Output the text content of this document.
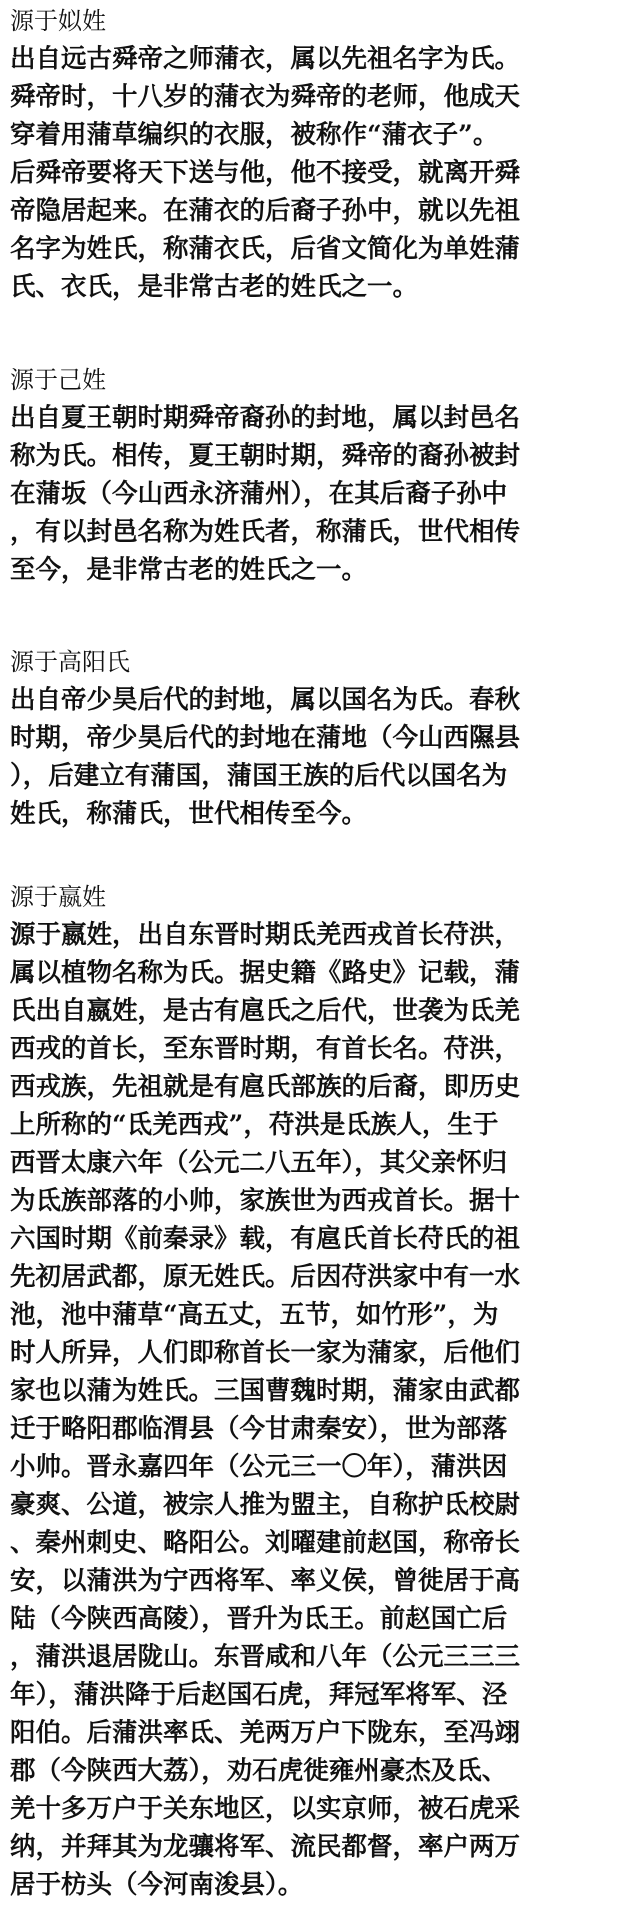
源于姒姓
出自远古舜帝之师蒲衣，属以先祖名字为氏。
舜帝时，十八岁的蒲衣为舜帝的老师，他成天
穿着用蒲草编织的衣服，被称作“蒲衣子”。
后舜帝要将天下送与他，他不接受，就离开舜
帝隐居起来。在蒲衣的后裔子孙中，就以先祖
名字为姓氏，称蒲衣氏，后省文简化为单姓蒲
氏、衣氏，是非常古老的姓氏之一。
源于己姓
出自夏王朝时期舜帝裔孙的封地，属以封邑名
称为氏。相传，夏王朝时期，舜帝的裔孙被封
在蒲坂（今山西永济蒲州），在其后裔子孙中
，有以封邑名称为姓氏者，称蒲氏，世代相传
至今，是非常古老的姓氏之一。
源于高阳氏
出自帝少昊后代的封地，属以国名为氏。春秋
时期，帝少昊后代的封地在蒲地（今山西隰县
），后建立有蒲国，蒲国王族的后代以国名为
姓氏，称蒲氏，世代相传至今。
源于嬴姓
源于嬴姓，出自东晋时期氐羌西戎首长苻洪，
属以植物名称为氏。据史籍《路史》记载，蒲
氏出自嬴姓，是古有扈氏之后代，世袭为氐羌
西戎的首长，至东晋时期，有首长名。苻洪，
西戎族，先祖就是有扈氏部族的后裔，即历史
上所称的“氐羌西戎”，苻洪是氐族人，生于
西晋太康六年（公元二八五年），其父亲怀归
为氐族部落的小帅，家族世为西戎首长。据十
六国时期《前秦录》载，有扈氏首长苻氏的祖
先初居武都，原无姓氏。后因苻洪家中有一水
池，池中蒲草“高五丈，五节，如竹形”，为
时人所异，人们即称首长一家为蒲家，后他们
家也以蒲为姓氏。三国曹魏时期，蒲家由武都
迁于略阳郡临渭县（今甘肃秦安），世为部落
小帅。晋永嘉四年（公元三一〇年），蒲洪因
豪爽、公道，被宗人推为盟主，自称护氐校尉
、秦州刺史、略阳公。刘曜建前赵国，称帝长
安，以蒲洪为宁西将军、率义侯，曾徙居于高
陆（今陕西高陵），晋升为氐王。前赵国亡后
，蒲洪退居陇山。东晋咸和八年（公元三三三
年），蒲洪降于后赵国石虎，拜冠军将军、泾
阳伯。后蒲洪率氐、羌两万户下陇东，至冯翊
郡（今陕西大荔），劝石虎徙雍州豪杰及氐、
羌十多万户于关东地区，以实京师，被石虎采
纳，并拜其为龙骧将军、流民都督，率户两万
居于枋头（今河南浚县）。
